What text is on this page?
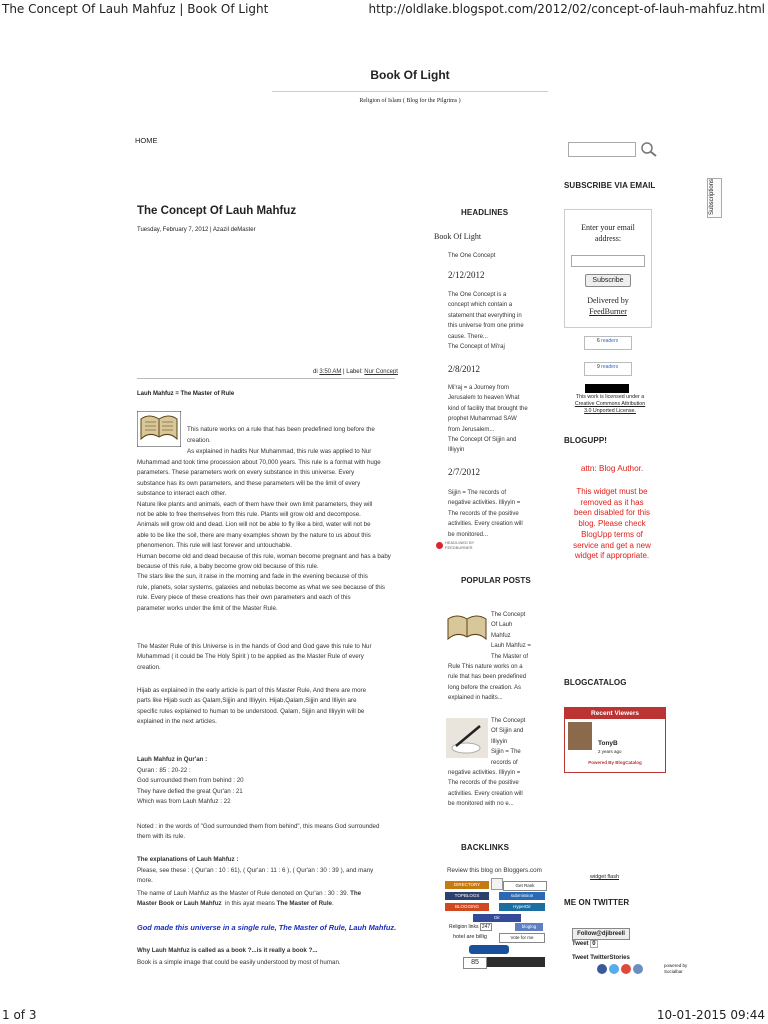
The Concept Of Lauh Mahfuz | Book Of Light	http://oldlake.blogspot.com/2012/02/concept-of-lauh-mahfuz.html
Book Of Light
Religion of Islam ( Blog for the Pilgrims )
HOME
Subscriptions
The Concept Of Lauh Mahfuz
Tuesday, February 7, 2012 | Azazil deMaster
di 3:50 AM | Label: Nur Concept
Lauh Mahfuz = The Master of Rule
This nature works on a rule that has been predefined long before the
creation.
As explained in hadits Nur Muhammad, this rule was applied to Nur
Muhammad and took time procession about 70,000 years. This rule is a format with huge
parameters. These parameters work on every substance in this universe. Every
substance has its own parameters, and these parameters will be the limit of every
substance to interact each other.
Nature like plants and animals, each of them have their own limit parameters, they will
not be able to free themselves from this rule. Plants will grow old and decompose.
Animals will grow old and dead. Lion will not be able to fly like a bird, water will not be
able to be like the soil, there are many examples shown by the nature to us about this
phenomenon. This rule will last forever and untouchable.
Human become old and dead because of this rule, woman become pregnant and has a baby
because of this rule, a baby become grow old because of this rule.
The stars like the sun, it raise in the morning and fade in the evening because of this
rule, planets, solar systems, galaxies and nebulas become as what we see because of this
rule. Every piece of these creations has their own parameters and each of this
parameter works under the limit of the Master Rule.
The Master Rule of this Universe is in the hands of God and God gave this rule to Nur
Muhammad ( it could be The Holy Spirit ) to be applied as the Master Rule of every
creation.
Hijab as explained in the early article is part of this Master Rule, And there are more
parts like Hijab such as Qalam,Sijjin and Illiyyin. Hijab,Qalam,Sijjin and Illiyin are
specific rules explained to human to be understood. Qalam, Sijjin and Illiyyin will be
explained in the next articles.
Lauh Mahfuz in Qur'an :
Quran : 85 : 20-22 :
God surrounded them from behind : 20
They have defied the great Qur'an : 21
Which was from Lauh Mahfuz : 22
Noted : in the words of "God surrounded them from behind", this means God surrounded
them with its rule.
The explanations of Lauh Mahfuz :
Please, see these : ( Qur'an : 10 : 61), ( Qur'an : 11 : 6 ), ( Qur'an : 30 : 39 ), and many
more.
The name of Lauh Mahfuz as the Master of Rule denoted on Qur'an : 30 : 39. The
Master Book or Lauh Mahfuz in this ayat means The Master of Rule.
God made this universe in a single rule, The Master of Rule, Lauh Mahfuz.
Why Lauh Mahfuz is called as a book ?...is it really a book ?...
Book is a simple image that could be easily understood by most of human.
HEADLINES
Book Of Light
The One Concept
2/12/2012
The One Concept is a
concept which contain a
statement that everything in
this universe from one prime
cause. There...
The Concept of Mi'raj
2/8/2012
Mi'raj = a Journey from
Jerusalem to heaven What
kind of facility that brought the
prophet Muhammad SAW
from Jerusalem...
The Concept Of Sijjin and
Illiyyin
2/7/2012
Sijjin = The records of
negative activities. Illiyyin =
The records of the positive
activities. Every creation will
be monitored...
HEADLINED BY
FEEDBURNER
POPULAR POSTS
The Concept
Of Lauh
Mahfuz
Lauh Mahfuz =
The Master of
Rule This nature works on a
rule that has been predefined
long before the creation. As
explained in hadits...
The Concept
Of Sijjin and
Illiyyin
Sijjin = The
records of
negative activities. Illiyyin =
The records of the positive
activities. Every creation will
be monitored with no e...
BACKLINKS
Review this blog on Bloggers.com
DIRECTORY	Get Rank
TOPBLOGS	submission
BLOGGING	HyperDir
Dir
Religion links 247	bloglog
hotel are billig	Vote for me
85
SUBSCRIBE VIA EMAIL
Enter your email
address:
Subscribe
Delivered by
FeedBurner
6 readers
9 readers
This work is licensed under a
Creative Commons Attribution
3.0 Unported License.
BLOGUPP!
attn: Blog Author.
This widget must be
removed as it has
been disabled for this
blog. Please check
BlogUpp terms of
service and get a new
widget if appropriate.
BLOGCATALOG
Recent Viewers
TonyB
2 years ago
Powered By BlogCatalog
widget flash
ME ON TWITTER
Follow@djibreell
Tweet 0
Tweet TwitterStories
powered by
Socialbar
1 of 3	10-01-2015 09:44
